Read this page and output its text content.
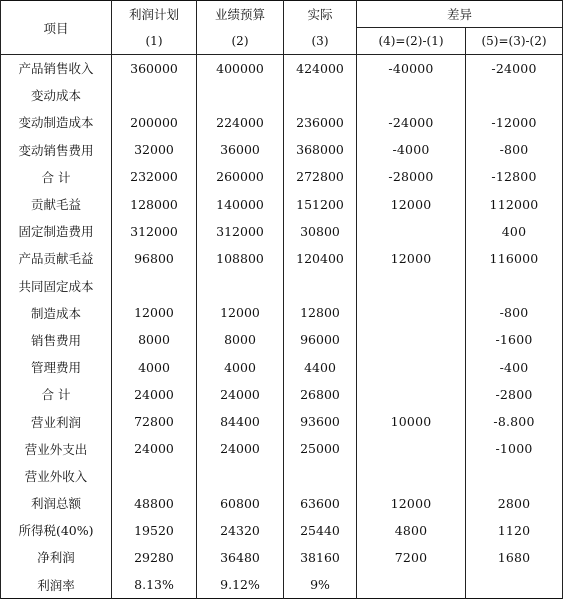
项目	利润计划	业绩预算	实际	差异	
	(1)	(2)	(3)	(4)=(2)-(1)	(5)=(3)-(2)
产品销售收入	360000	400000	424000	-40000	-24000
变动成本					
变动制造成本	200000	224000	236000	-24000	-12000
变动销售费用	32000	36000	368000	-4000	-800
合 计	232000	260000	272800	-28000	-12800
贡献毛益	128000	140000	151200	12000	112000
固定制造费用	312000	312000	30800		400
产品贡献毛益	96800	108800	120400	12000	116000
共同固定成本					
制造成本	12000	12000	12800		-800
销售费用	8000	8000	96000		-1600
管理费用	4000	4000	4400		-400
合 计	24000	24000	26800		-2800
营业利润	72800	84400	93600	10000	-8.800
营业外支出	24000	24000	25000		-1000
营业外收入					
利润总额	48800	60800	63600	12000	2800
所得税(40%)	19520	24320	25440	4800	1120
净利润	29280	36480	38160	7200	1680
利润率	8.13%	9.12%	9%		
